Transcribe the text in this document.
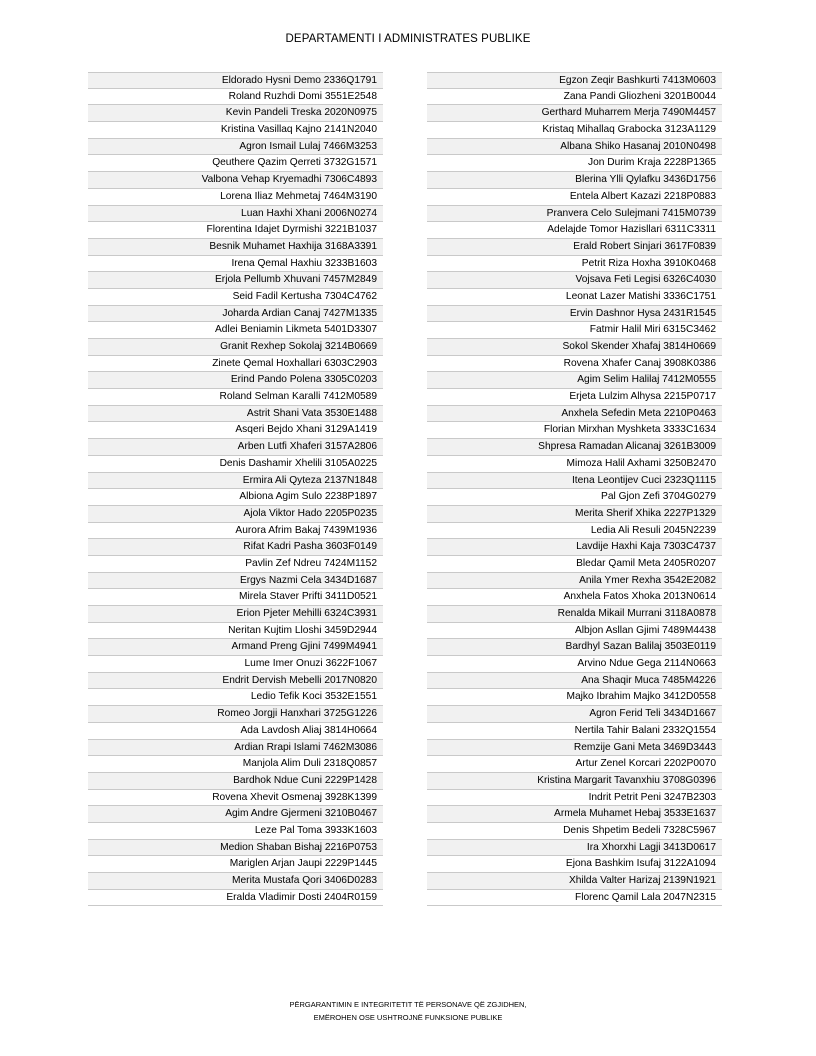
DEPARTAMENTI I ADMINISTRATES PUBLIKE
Eldorado Hysni Demo 2336Q1791
Roland Ruzhdi Domi 3551E2548
Kevin Pandeli Treska 2020N0975
Kristina Vasillaq Kajno 2141N2040
Agron Ismail Lulaj 7466M3253
Qeuthere Qazim Qerreti 3732G1571
Valbona Vehap Kryemadhi 7306C4893
Lorena Iliaz Mehmetaj 7464M3190
Luan Haxhi Xhani 2006N0274
Florentina Idajet Dyrmishi 3221B1037
Besnik Muhamet Haxhija 3168A3391
Irena Qemal Haxhiu 3233B1603
Erjola Pellumb Xhuvani 7457M2849
Seid Fadil Kertusha 7304C4762
Joharda Ardian Canaj 7427M1335
Adlei Beniamin Likmeta 5401D3307
Granit Rexhep Sokolaj 3214B0669
Zinete Qemal Hoxhallari 6303C2903
Erind Pando Polena 3305C0203
Roland Selman Karalli 7412M0589
Astrit Shani Vata 3530E1488
Asqeri Bejdo Xhani 3129A1419
Arben Lutfi Xhaferi 3157A2806
Denis Dashamir Xhelili 3105A0225
Ermira Ali Qyteza 2137N1848
Albiona Agim Sulo 2238P1897
Ajola Viktor Hado 2205P0235
Aurora Afrim Bakaj 7439M1936
Rifat Kadri Pasha 3603F0149
Pavlin Zef Ndreu 7424M1152
Ergys Nazmi Cela 3434D1687
Mirela Staver Prifti 3411D0521
Erion Pjeter Mehilli 6324C3931
Neritan Kujtim Lloshi 3459D2944
Armand Preng Gjini 7499M4941
Lume Imer Onuzi 3622F1067
Endrit Dervish Mebelli 2017N0820
Ledio Tefik Koci 3532E1551
Romeo Jorgji Hanxhari 3725G1226
Ada Lavdosh Aliaj 3814H0664
Ardian Rrapi Islami 7462M3086
Manjola Alim Duli 2318Q0857
Bardhok Ndue Cuni 2229P1428
Rovena Xhevit Osmenaj 3928K1399
Agim Andre Gjermeni 3210B0467
Leze Pal Toma 3933K1603
Medion Shaban Bishaj 2216P0753
Mariglen Arjan Jaupi 2229P1445
Merita Mustafa Qori 3406D0283
Eralda Vladimir Dosti 2404R0159
Egzon Zeqir Bashkurti 7413M0603
Zana Pandi Gliozheni 3201B0044
Gerthard Muharrem Merja 7490M4457
Kristaq Mihallaq Grabocka 3123A1129
Albana Shiko Hasanaj 2010N0498
Jon Durim Kraja 2228P1365
Blerina Ylli Qylafku 3436D1756
Entela Albert Kazazi 2218P0883
Pranvera Celo Sulejmani 7415M0739
Adelajde Tomor Hazisllari 6311C3311
Erald Robert Sinjari 3617F0839
Petrit Riza Hoxha 3910K0468
Vojsava Feti Legisi 6326C4030
Leonat Lazer Matishi 3336C1751
Ervin Dashnor Hysa 2431R1545
Fatmir Halil Miri 6315C3462
Sokol Skender Xhafaj 3814H0669
Rovena Xhafer Canaj 3908K0386
Agim Selim Halilaj 7412M0555
Erjeta Lulzim Alhysa 2215P0717
Anxhela Sefedin Meta 2210P0463
Florian Mirxhan Myshketa 3333C1634
Shpresa Ramadan Alicanaj 3261B3009
Mimoza Halil Axhami 3250B2470
Itena Leontijev Cuci 2323Q1115
Pal Gjon Zefi 3704G0279
Merita Sherif Xhika 2227P1329
Ledia Ali Resuli 2045N2239
Lavdije Haxhi Kaja 7303C4737
Bledar Qamil Meta 2405R0207
Anila Ymer Rexha 3542E2082
Anxhela Fatos Xhoka 2013N0614
Renalda Mikail Murrani 3118A0878
Albjon Asllan Gjimi 7489M4438
Bardhyl Sazan Balilaj 3503E0119
Arvino Ndue Gega 2114N0663
Ana Shaqir Muca 7485M4226
Majko Ibrahim Majko 3412D0558
Agron Ferid Teli 3434D1667
Nertila Tahir Balani 2332Q1554
Remzije Gani Meta 3469D3443
Artur Zenel Korcari 2202P0070
Kristina Margarit Tavanxhiu 3708G0396
Indrit Petrit Peni 3247B2303
Armela Muhamet Hebaj 3533E1637
Denis Shpetim Bedeli 7328C5967
Ira Xhorxhi Lagji 3413D0617
Ejona Bashkim Isufaj 3122A1094
Xhilda Valter Harizaj 2139N1921
Florenc Qamil Lala 2047N2315
PËRGARANTIMIN E INTEGRITETIT TË PERSONAVE QË ZGJIDHEN,
EMËROHEN OSE USHTROJNË FUNKSIONE PUBLIKE
